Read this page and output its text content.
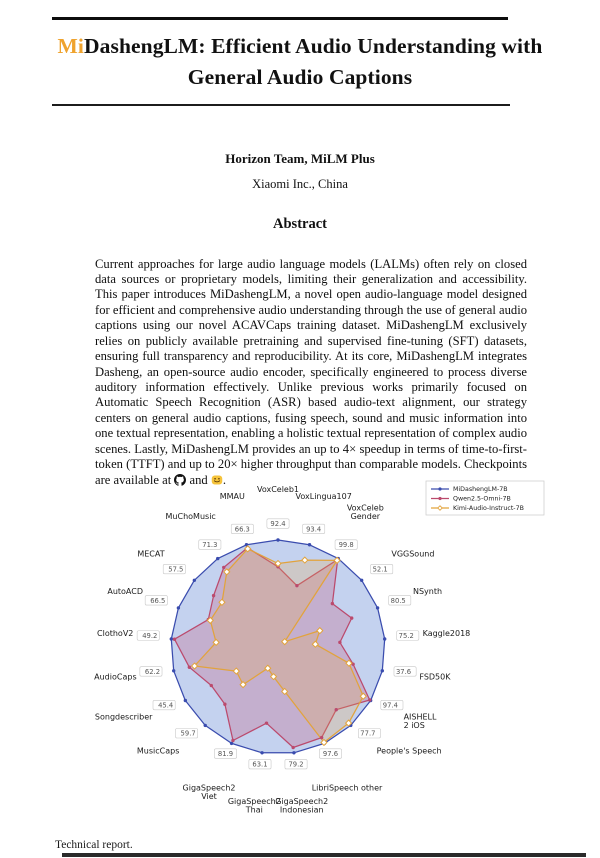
MiDashengLM: Efficient Audio Understanding with
General Audio Captions
Horizon Team, MiLM Plus
Xiaomi Inc., China
Abstract

Current approaches for large audio language models (LALMs) often rely on closed data sources or proprietary models, limiting their generalization and accessibility. This paper introduces MiDashengLM, a novel open audio-language model designed for efficient and comprehensive audio understanding through the use of general audio captions using our novel ACAVCaps training dataset. MiDashengLM exclusively relies on publicly available pretraining and supervised fine-tuning (SFT) datasets, ensuring full transparency and reproducibility. At its core, MiDashengLM integrates Dasheng, an open-source audio encoder, specifically engineered to process diverse auditory information effectively. Unlike previous works primarily focused on Automatic Speech Recognition (ASR) based audio-text alignment, our strategy centers on general audio captions, fusing speech, sound and music information into one textual representation, enabling a holistic textual representation of complex audio scenes. Lastly, MiDashengLM provides an up to 4× speedup in terms of time-to-first-token (TTFT) and up to 20× higher throughput than comparable models. Checkpoints are available at and .

92.4
VoxCeleb1
93.4
VoxLingua107
99.8
VoxCeleb Gender
52.1
VGGSound
80.5
NSynth
75.2 Kaggle2018
37.6
FSD50K
97.4
AISHELL 2 iOS
77.7
People's Speech
97.6
LibriSpeech other
79.2
GigaSpeech2 Indonesian
63.1
GigaSpeech2 Thai
81.9
GigaSpeech2 Viet
59.7
MusicCaps
45.4
Songdescriber
62.2
AudioCaps
49.2
ClothoV2
66.5
AutoACD
57.5
MECAT
71.3
MuChoMusic
66.3
MMAU
MiDashengLM-7B
Qwen2.5-Omni-7B
Kimi-Audio-Instruct-7B
Technical report.
